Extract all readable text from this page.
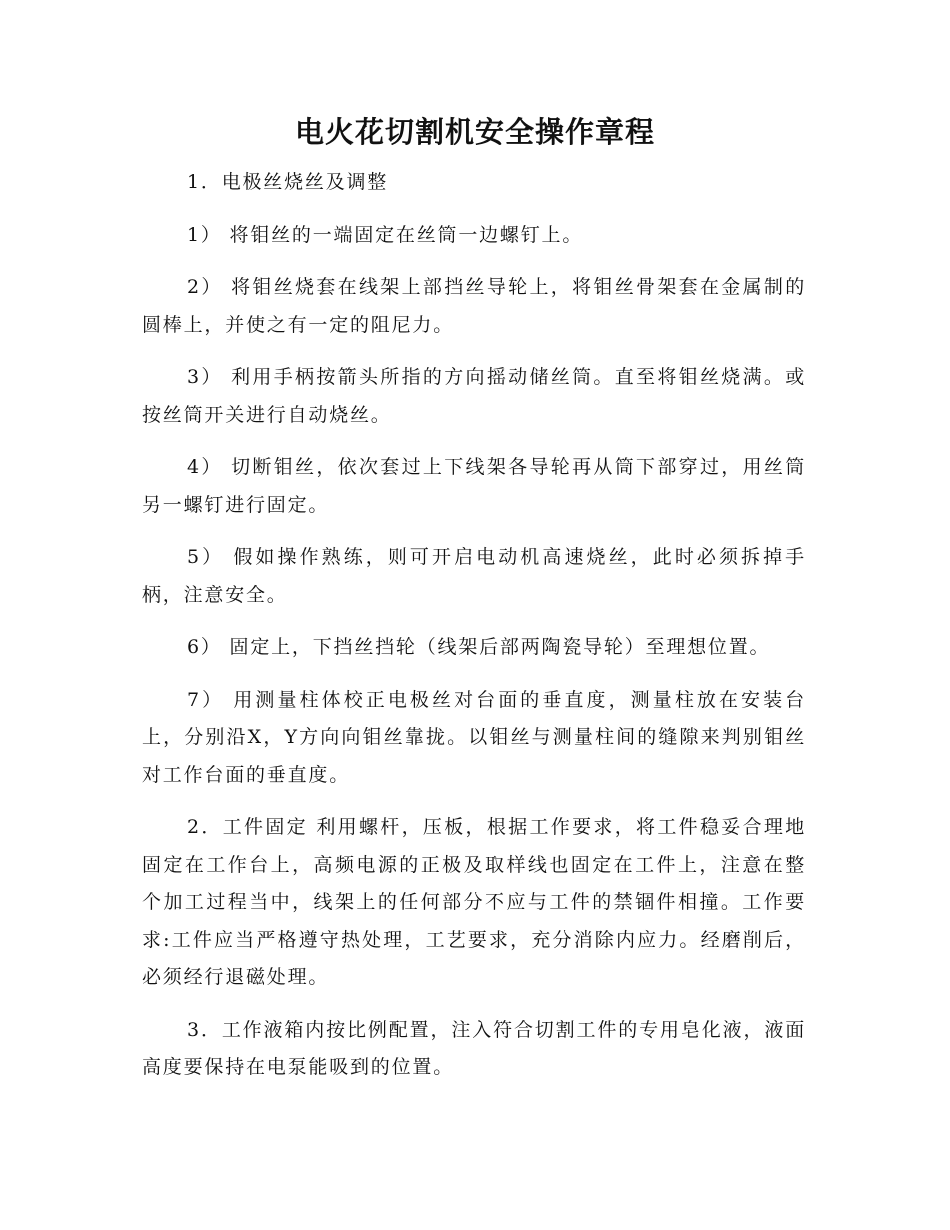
电火花切割机安全操作章程

1．电极丝烧丝及调整

1） 将钼丝的一端固定在丝筒一边螺钉上。

2） 将钼丝烧套在线架上部挡丝导轮上，将钼丝骨架套在金属制的圆棒上，并使之有一定的阻尼力。

3） 利用手柄按箭头所指的方向摇动储丝筒。直至将钼丝烧满。或按丝筒开关进行自动烧丝。

4） 切断钼丝，依次套过上下线架各导轮再从筒下部穿过，用丝筒另一螺钉进行固定。

5） 假如操作熟练，则可开启电动机高速烧丝，此时必须拆掉手柄，注意安全。

6） 固定上，下挡丝挡轮（线架后部两陶瓷导轮）至理想位置。

7） 用测量柱体校正电极丝对台面的垂直度，测量柱放在安装台上，分别沿X，Y方向向钼丝靠拢。以钼丝与测量柱间的缝隙来判别钼丝对工作台面的垂直度。

2．工件固定 利用螺杆，压板，根据工作要求，将工件稳妥合理地固定在工作台上，高频电源的正极及取样线也固定在工件上，注意在整个加工过程当中，线架上的任何部分不应与工件的禁锢件相撞。工作要求:工件应当严格遵守热处理，工艺要求，充分消除内应力。经磨削后，必须经行退磁处理。

3．工作液箱内按比例配置，注入符合切割工件的专用皂化液，液面高度要保持在电泵能吸到的位置。
